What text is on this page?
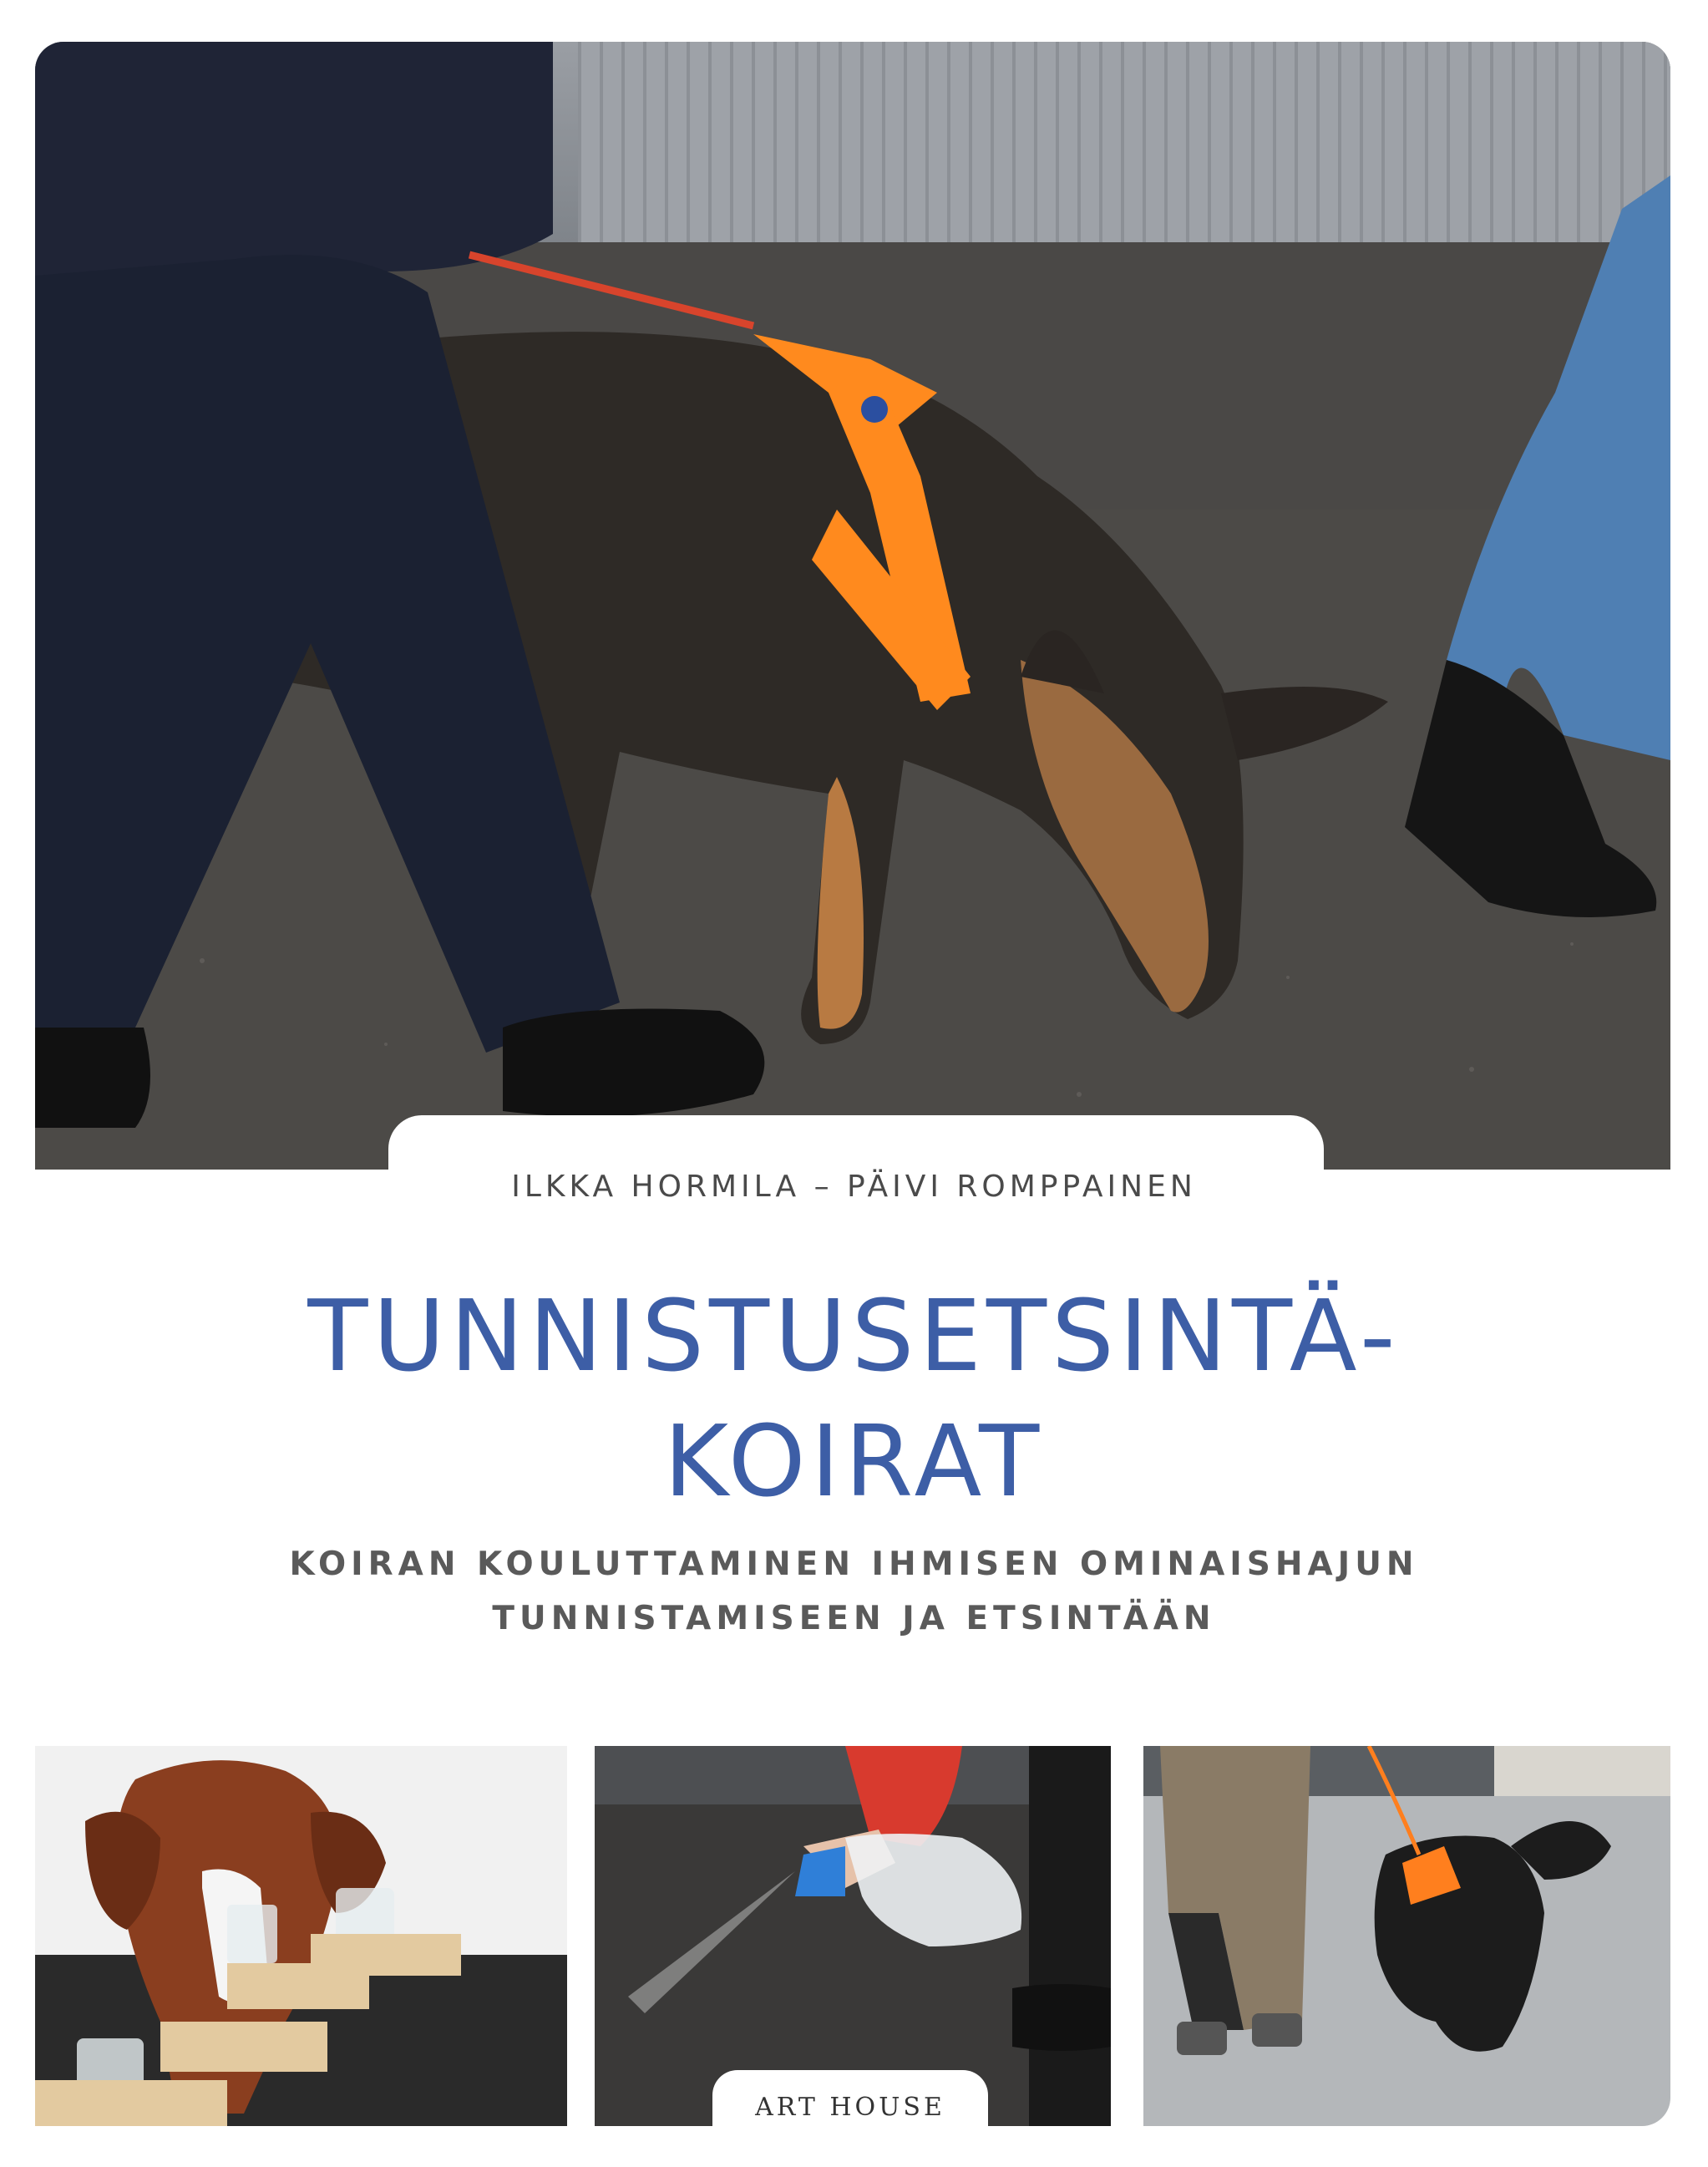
ILKKA HORMILA – PÄIVI ROMPPAINEN
TUNNISTUSETSINTÄ-
KOIRAT
KOIRAN KOULUTTAMINEN IHMISEN OMINAISHAJUN
TUNNISTAMISEEN JA ETSINTÄÄN
ART HOUSE
